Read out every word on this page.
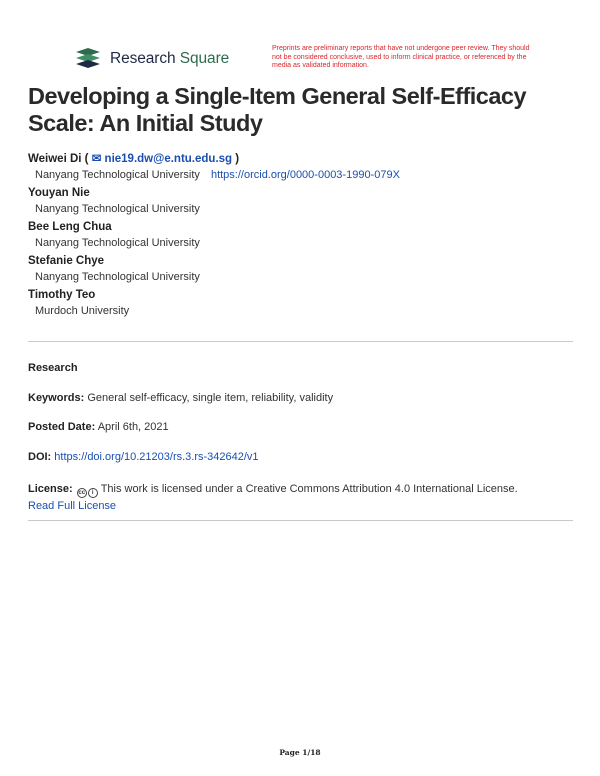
Research Square
Preprints are preliminary reports that have not undergone peer review. They should not be considered conclusive, used to inform clinical practice, or referenced by the media as validated information.
Developing a Single-Item General Self-Efficacy Scale: An Initial Study
Weiwei Di ( ✉ nie19.dw@e.ntu.edu.sg )
Nanyang Technological University https://orcid.org/0000-0003-1990-079X
Youyan Nie
Nanyang Technological University
Bee Leng Chua
Nanyang Technological University
Stefanie Chye
Nanyang Technological University
Timothy Teo
Murdoch University
Research
Keywords: General self-efficacy, single item, reliability, validity
Posted Date: April 6th, 2021
DOI: https://doi.org/10.21203/rs.3.rs-342642/v1
License: cc	i This work is licensed under a Creative Commons Attribution 4.0 International License.
Read Full License
Page 1/18
